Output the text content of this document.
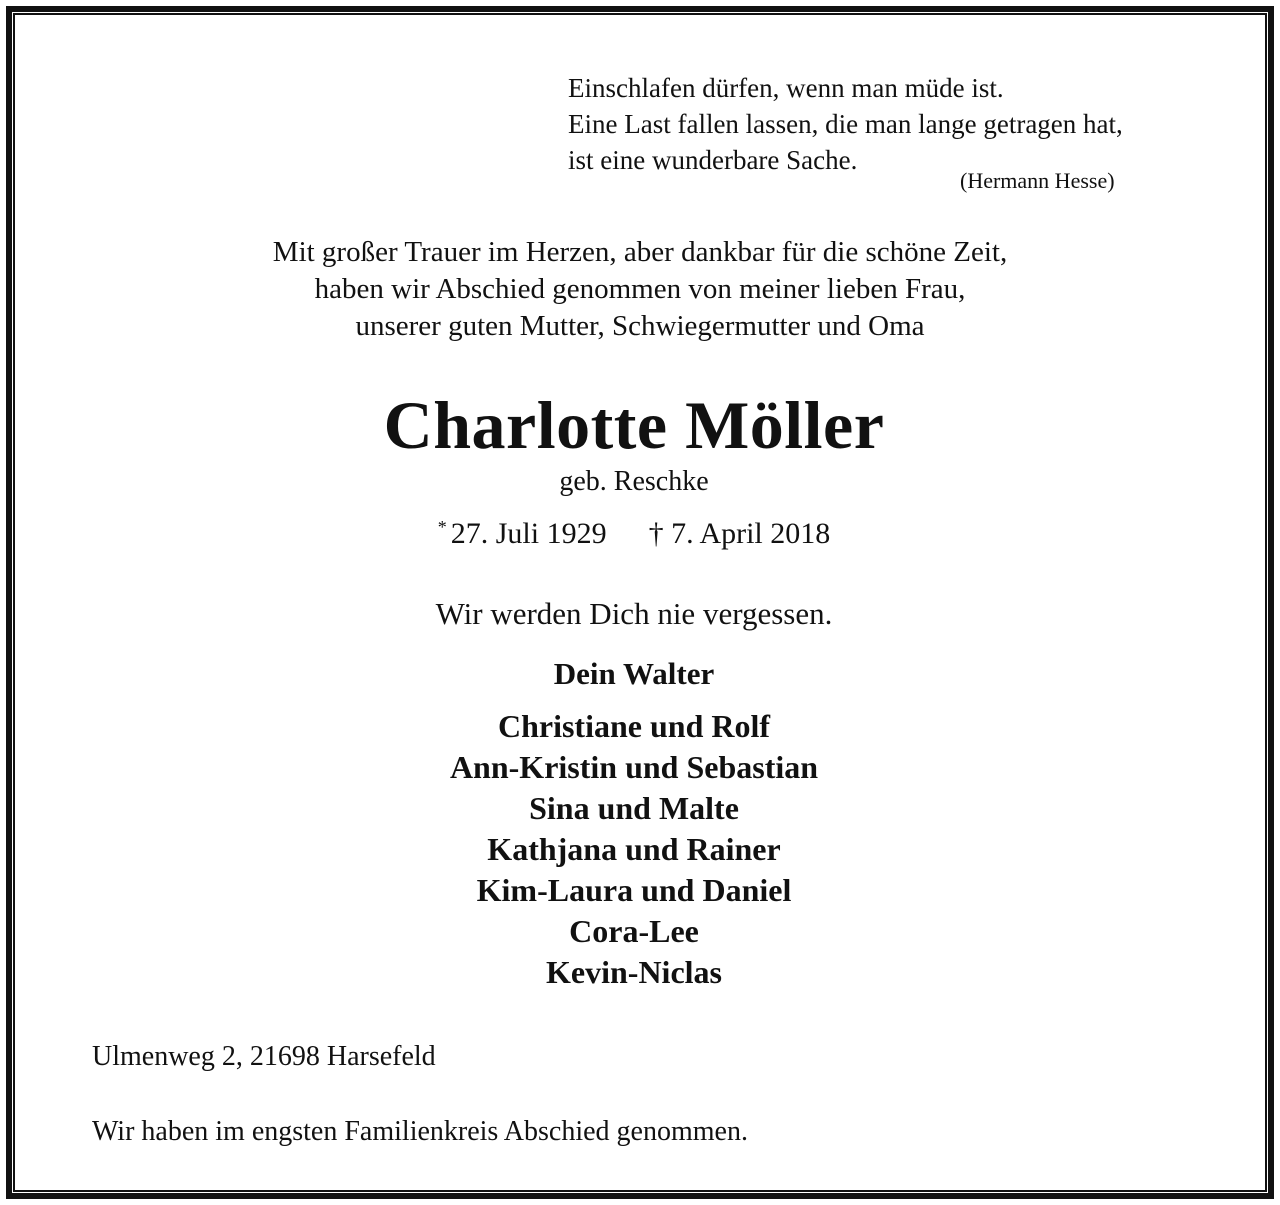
Einschlafen dürfen, wenn man müde ist.
Eine Last fallen lassen, die man lange getragen hat,
ist eine wunderbare Sache.
(Hermann Hesse)
Mit großer Trauer im Herzen, aber dankbar für die schöne Zeit,
haben wir Abschied genommen von meiner lieben Frau,
unserer guten Mutter, Schwiegermutter und Oma
Charlotte Möller
geb. Reschke
* 27. Juli 1929 † 7. April 2018
Wir werden Dich nie vergessen.
Dein Walter
Christiane und Rolf
Ann-Kristin und Sebastian
Sina und Malte
Kathjana und Rainer
Kim-Laura und Daniel
Cora-Lee
Kevin-Niclas
Ulmenweg 2, 21698 Harsefeld
Wir haben im engsten Familienkreis Abschied genommen.
